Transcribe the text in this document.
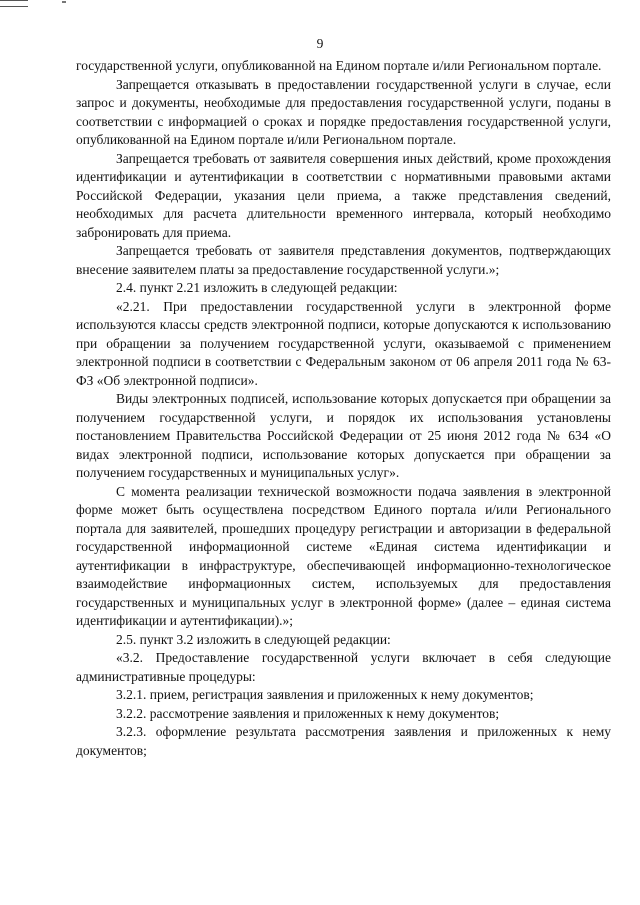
9

государственной услуги, опубликованной на Едином портале и/или Региональном портале.

Запрещается отказывать в предоставлении государственной услуги в случае, если запрос и документы, необходимые для предоставления государственной услуги, поданы в соответствии с информацией о сроках и порядке предоставления государственной услуги, опубликованной на Едином портале и/или Региональном портале.

Запрещается требовать от заявителя совершения иных действий, кроме прохождения идентификации и аутентификации в соответствии с нормативными правовыми актами Российской Федерации, указания цели приема, а также представления сведений, необходимых для расчета длительности временного интервала, который необходимо забронировать для приема.

Запрещается требовать от заявителя представления документов, подтверждающих внесение заявителем платы за предоставление государственной услуги.»;

2.4. пункт 2.21 изложить в следующей редакции:

«2.21. При предоставлении государственной услуги в электронной форме используются классы средств электронной подписи, которые допускаются к использованию при обращении за получением государственной услуги, оказываемой с применением электронной подписи в соответствии с Федеральным законом от 06 апреля 2011 года № 63-ФЗ «Об электронной подписи».

Виды электронных подписей, использование которых допускается при обращении за получением государственной услуги, и порядок их использования установлены постановлением Правительства Российской Федерации от 25 июня 2012 года № 634 «О видах электронной подписи, использование которых допускается при обращении за получением государственных и муниципальных услуг».

С момента реализации технической возможности подача заявления в электронной форме может быть осуществлена посредством Единого портала и/или Регионального портала для заявителей, прошедших процедуру регистрации и авторизации в федеральной государственной информационной системе «Единая система идентификации и аутентификации в инфраструктуре, обеспечивающей информационно-технологическое взаимодействие информационных систем, используемых для предоставления государственных и муниципальных услуг в электронной форме» (далее – единая система идентификации и аутентификации).»;

2.5. пункт 3.2 изложить в следующей редакции:

«3.2. Предоставление государственной услуги включает в себя следующие административные процедуры:

3.2.1. прием, регистрация заявления и приложенных к нему документов;

3.2.2. рассмотрение заявления и приложенных к нему документов;

3.2.3. оформление результата рассмотрения заявления и приложенных к нему документов;
